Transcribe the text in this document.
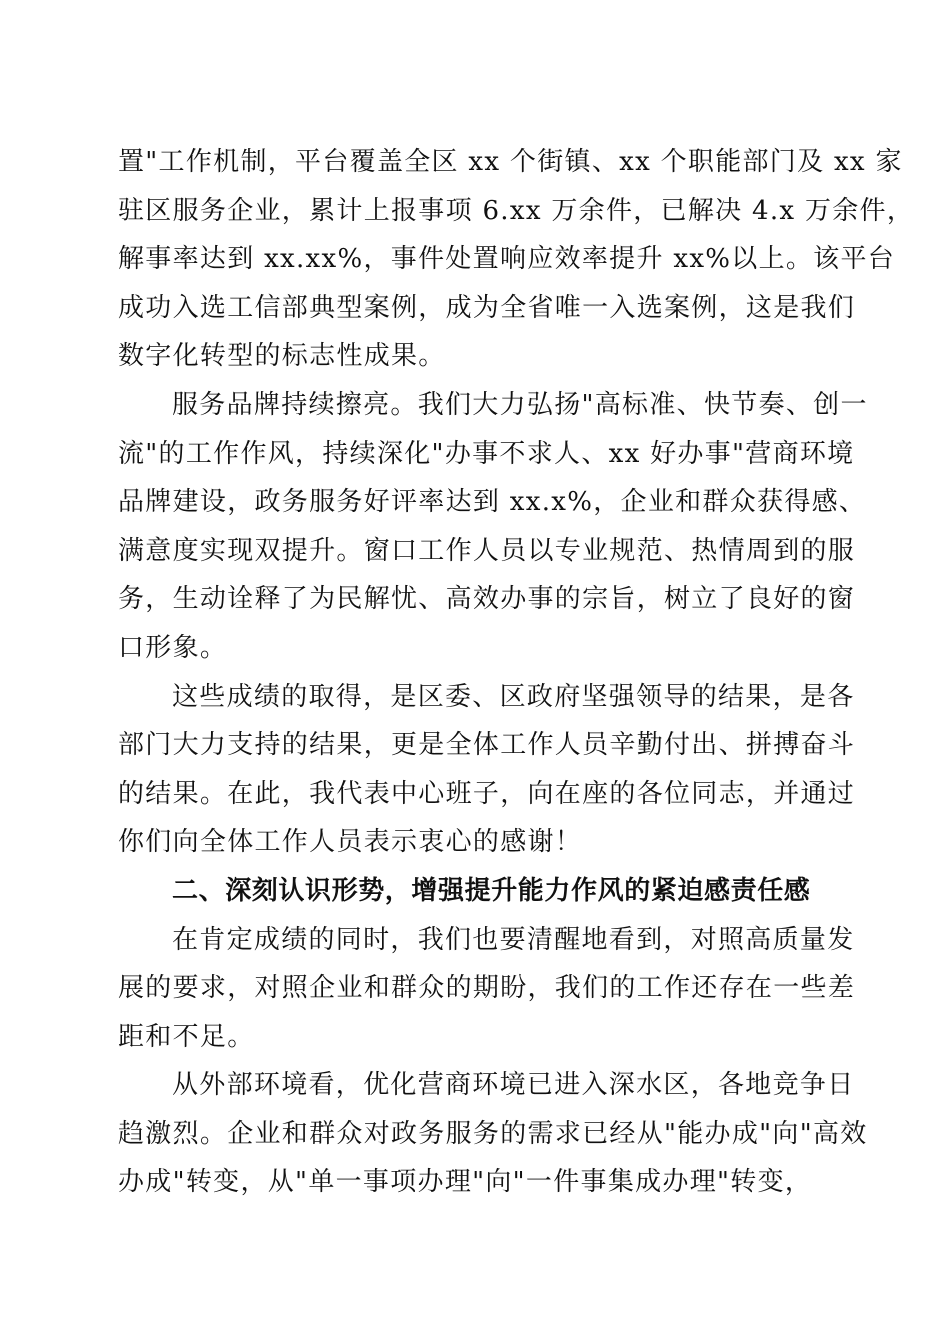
置"工作机制，平台覆盖全区 xx 个街镇、xx 个职能部门及 xx 家
驻区服务企业，累计上报事项 6.xx 万余件，已解决 4.x 万余件，
解事率达到 xx.xx%，事件处置响应效率提升 xx%以上。该平台
成功入选工信部典型案例，成为全省唯一入选案例，这是我们
数字化转型的标志性成果。
服务品牌持续擦亮。我们大力弘扬"高标准、快节奏、创一
流"的工作作风，持续深化"办事不求人、xx 好办事"营商环境
品牌建设，政务服务好评率达到 xx.x%，企业和群众获得感、
满意度实现双提升。窗口工作人员以专业规范、热情周到的服
务，生动诠释了为民解忧、高效办事的宗旨，树立了良好的窗
口形象。
这些成绩的取得，是区委、区政府坚强领导的结果，是各
部门大力支持的结果，更是全体工作人员辛勤付出、拼搏奋斗
的结果。在此，我代表中心班子，向在座的各位同志，并通过
你们向全体工作人员表示衷心的感谢！
二、深刻认识形势，增强提升能力作风的紧迫感责任感
在肯定成绩的同时，我们也要清醒地看到，对照高质量发
展的要求，对照企业和群众的期盼，我们的工作还存在一些差
距和不足。
从外部环境看，优化营商环境已进入深水区，各地竞争日
趋激烈。企业和群众对政务服务的需求已经从"能办成"向"高效
办成"转变，从"单一事项办理"向"一件事集成办理"转变，
